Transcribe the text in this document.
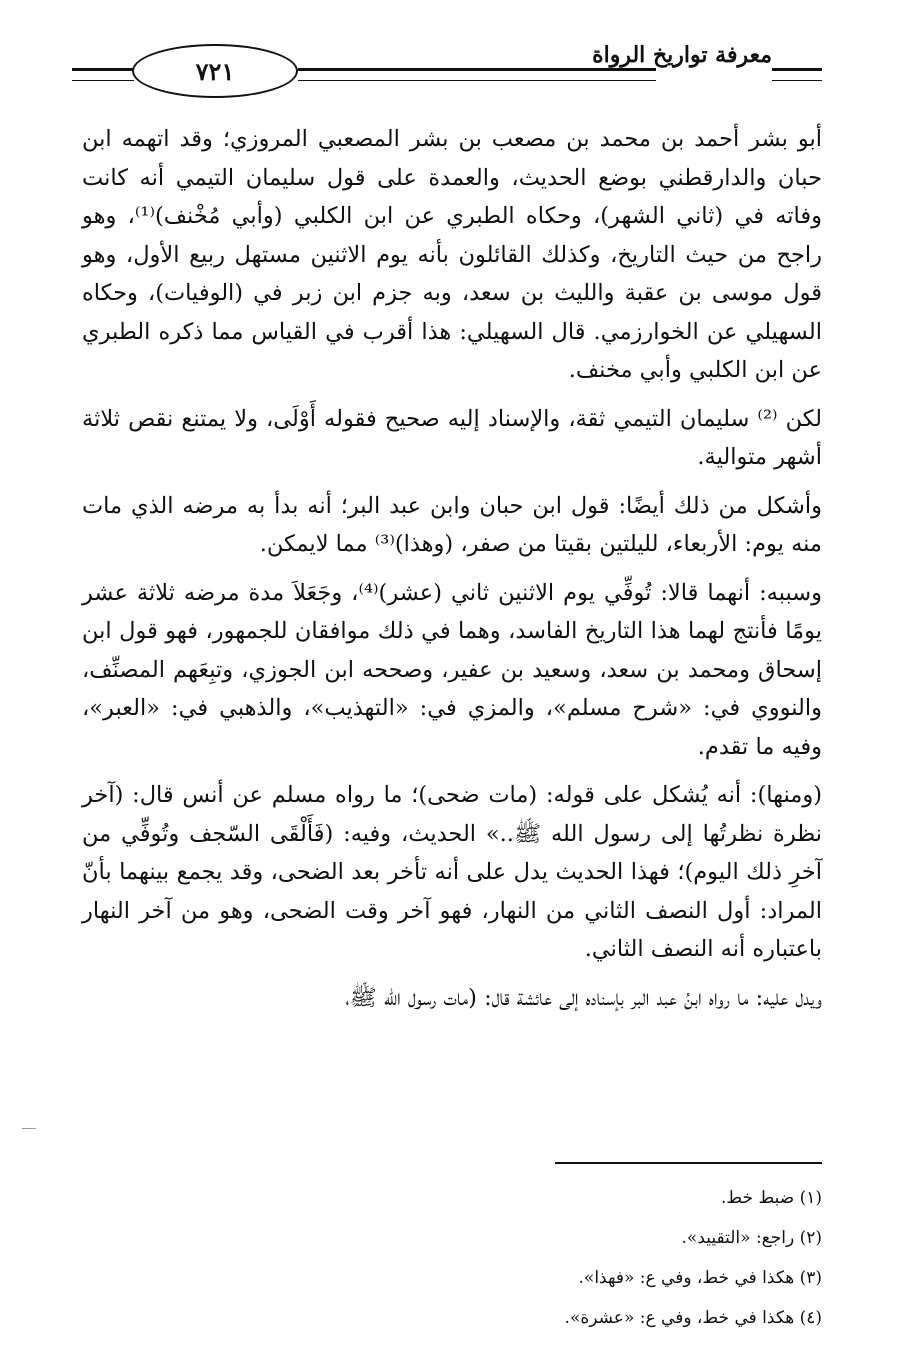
٧٢١
معرفة تواريخ الرواة

أبو بشر أحمد بن محمد بن مصعب بن بشر المصعبي المروزي؛ وقد اتهمه ابن حبان والدارقطني بوضع الحديث، والعمدة على قول سليمان التيمي أنه كانت وفاته في (ثاني الشهر)، وحكاه الطبري عن ابن الكلبي (وأبي مُخْنف)⁽¹⁾، وهو راجح من حيث التاريخ، وكذلك القائلون بأنه يوم الاثنين مستهل ربيع الأول، وهو قول موسى بن عقبة والليث بن سعد، وبه جزم ابن زبر في (الوفيات)، وحكاه السهيلي عن الخوارزمي. قال السهيلي: هذا أقرب في القياس مما ذكره الطبري عن ابن الكلبي وأبي مخنف.

لكن ⁽²⁾ سليمان التيمي ثقة، والإسناد إليه صحيح فقوله أَوْلَى، ولا يمتنع نقص ثلاثة أشهر متوالية.

وأشكل من ذلك أيضًا: قول ابن حبان وابن عبد البر؛ أنه بدأ به مرضه الذي مات منه يوم: الأربعاء، لليلتين بقيتا من صفر، (وهذا)⁽³⁾ مما لايمكن.

وسببه: أنهما قالا: تُوفِّي يوم الاثنين ثاني (عشر)⁽⁴⁾، وجَعَلاَ مدة مرضه ثلاثة عشر يومًا فأنتج لهما هذا التاريخ الفاسد، وهما في ذلك موافقان للجمهور، فهو قول ابن إسحاق ومحمد بن سعد، وسعيد بن عفير، وصححه ابن الجوزي، وتبِعَهم المصنِّف، والنووي في: «شرح مسلم»، والمزي في: «التهذيب»، والذهبي في: «العبر»، وفيه ما تقدم.

(ومنها): أنه يُشكل على قوله: (مات ضحى)؛ ما رواه مسلم عن أنس قال: (آخر نظرة نظرتُها إلى رسول الله ﷺ..» الحديث، وفيه: (فَأَلْقَى السّجف وتُوفِّي من آخرِ ذلك اليوم)؛ فهذا الحديث يدل على أنه تأخر بعد الضحى، وقد يجمع بينهما بأنّ المراد: أول النصف الثاني من النهار، فهو آخر وقت الضحى، وهو من آخر النهار باعتباره أنه النصف الثاني.

ويدل عليه: ما رواه ابنُ عبد البر بإسناده إلى عائشة قال: (مات رسول الله ﷺ،

(١) ضبط خط.
(٢) راجع: «التقييد».
(٣) هكذا في خط، وفي ع: «فهذا».
(٤) هكذا في خط، وفي ع: «عشرة».
